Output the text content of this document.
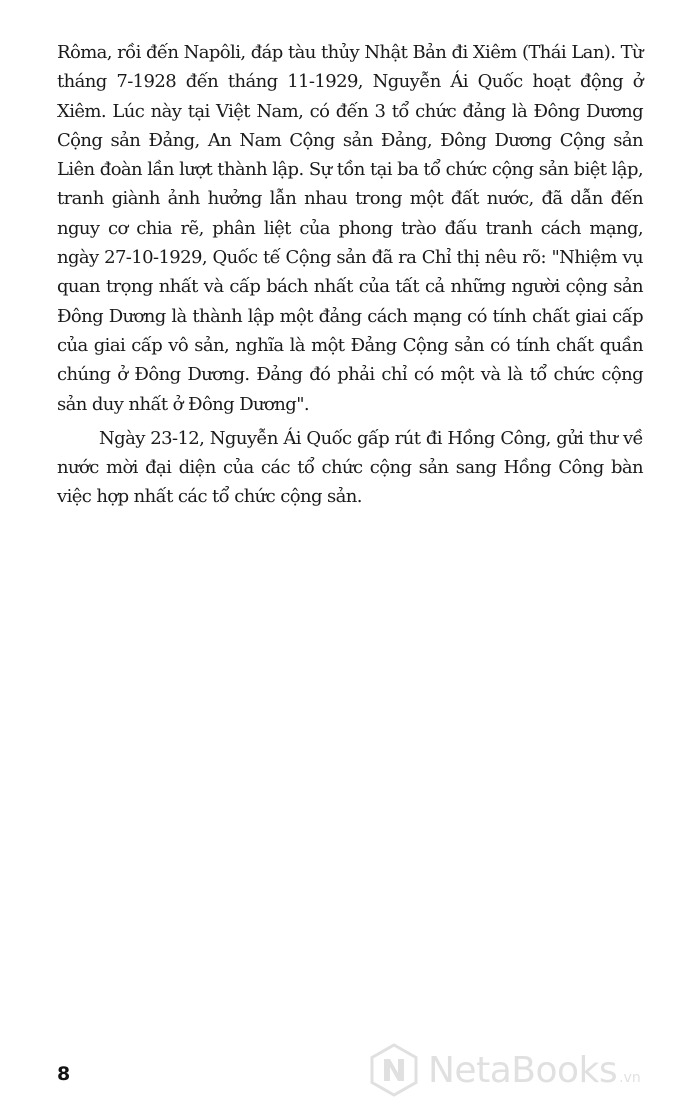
Rôma, rồi đến Napôli, đáp tàu thủy Nhật Bản đi Xiêm (Thái Lan). Từ tháng 7-1928 đến tháng 11-1929, Nguyễn Ái Quốc hoạt động ở Xiêm. Lúc này tại Việt Nam, có đến 3 tổ chức đảng là Đông Dương Cộng sản Đảng, An Nam Cộng sản Đảng, Đông Dương Cộng sản Liên đoàn lần lượt thành lập. Sự tồn tại ba tổ chức cộng sản biệt lập, tranh giành ảnh hưởng lẫn nhau trong một đất nước, đã dẫn đến nguy cơ chia rẽ, phân liệt của phong trào đấu tranh cách mạng, ngày 27-10-1929, Quốc tế Cộng sản đã ra Chỉ thị nêu rõ: "Nhiệm vụ quan trọng nhất và cấp bách nhất của tất cả những người cộng sản Đông Dương là thành lập một đảng cách mạng có tính chất giai cấp của giai cấp vô sản, nghĩa là một Đảng Cộng sản có tính chất quần chúng ở Đông Dương. Đảng đó phải chỉ có một và là tổ chức cộng sản duy nhất ở Đông Dương".

Ngày 23-12, Nguyễn Ái Quốc gấp rút đi Hồng Công, gửi thư về nước mời đại diện của các tổ chức cộng sản sang Hồng Công bàn việc hợp nhất các tổ chức cộng sản.

8	NetaBooks .vn
